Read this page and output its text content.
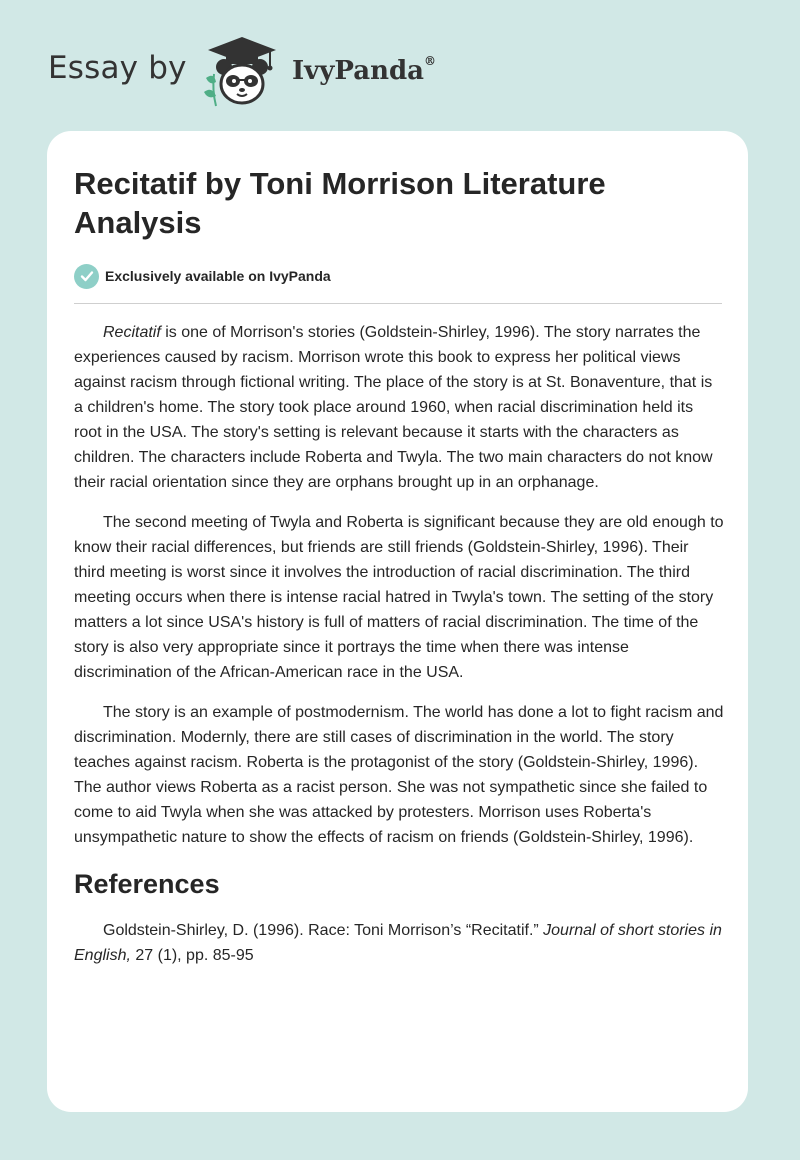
Essay by	IvyPanda®
Recitatif by Toni Morrison Literature Analysis
Exclusively available on IvyPanda

Recitatif is one of Morrison's stories (Goldstein-Shirley, 1996). The story narrates the experiences caused by racism. Morrison wrote this book to express her political views against racism through fictional writing. The place of the story is at St. Bonaventure, that is a children's home. The story took place around 1960, when racial discrimination held its root in the USA. The story's setting is relevant because it starts with the characters as children. The characters include Roberta and Twyla. The two main characters do not know their racial orientation since they are orphans brought up in an orphanage.

The second meeting of Twyla and Roberta is significant because they are old enough to know their racial differences, but friends are still friends (Goldstein-Shirley, 1996). Their third meeting is worst since it involves the introduction of racial discrimination. The third meeting occurs when there is intense racial hatred in Twyla's town. The setting of the story matters a lot since USA's history is full of matters of racial discrimination. The time of the story is also very appropriate since it portrays the time when there was intense discrimination of the African-American race in the USA.

The story is an example of postmodernism. The world has done a lot to fight racism and discrimination. Modernly, there are still cases of discrimination in the world. The story teaches against racism. Roberta is the protagonist of the story (Goldstein-Shirley, 1996). The author views Roberta as a racist person. She was not sympathetic since she failed to come to aid Twyla when she was attacked by protesters. Morrison uses Roberta's unsympathetic nature to show the effects of racism on friends (Goldstein-Shirley, 1996).

References

Goldstein-Shirley, D. (1996). Race: Toni Morrison’s “Recitatif.” Journal of short stories in English, 27 (1), pp. 85-95
